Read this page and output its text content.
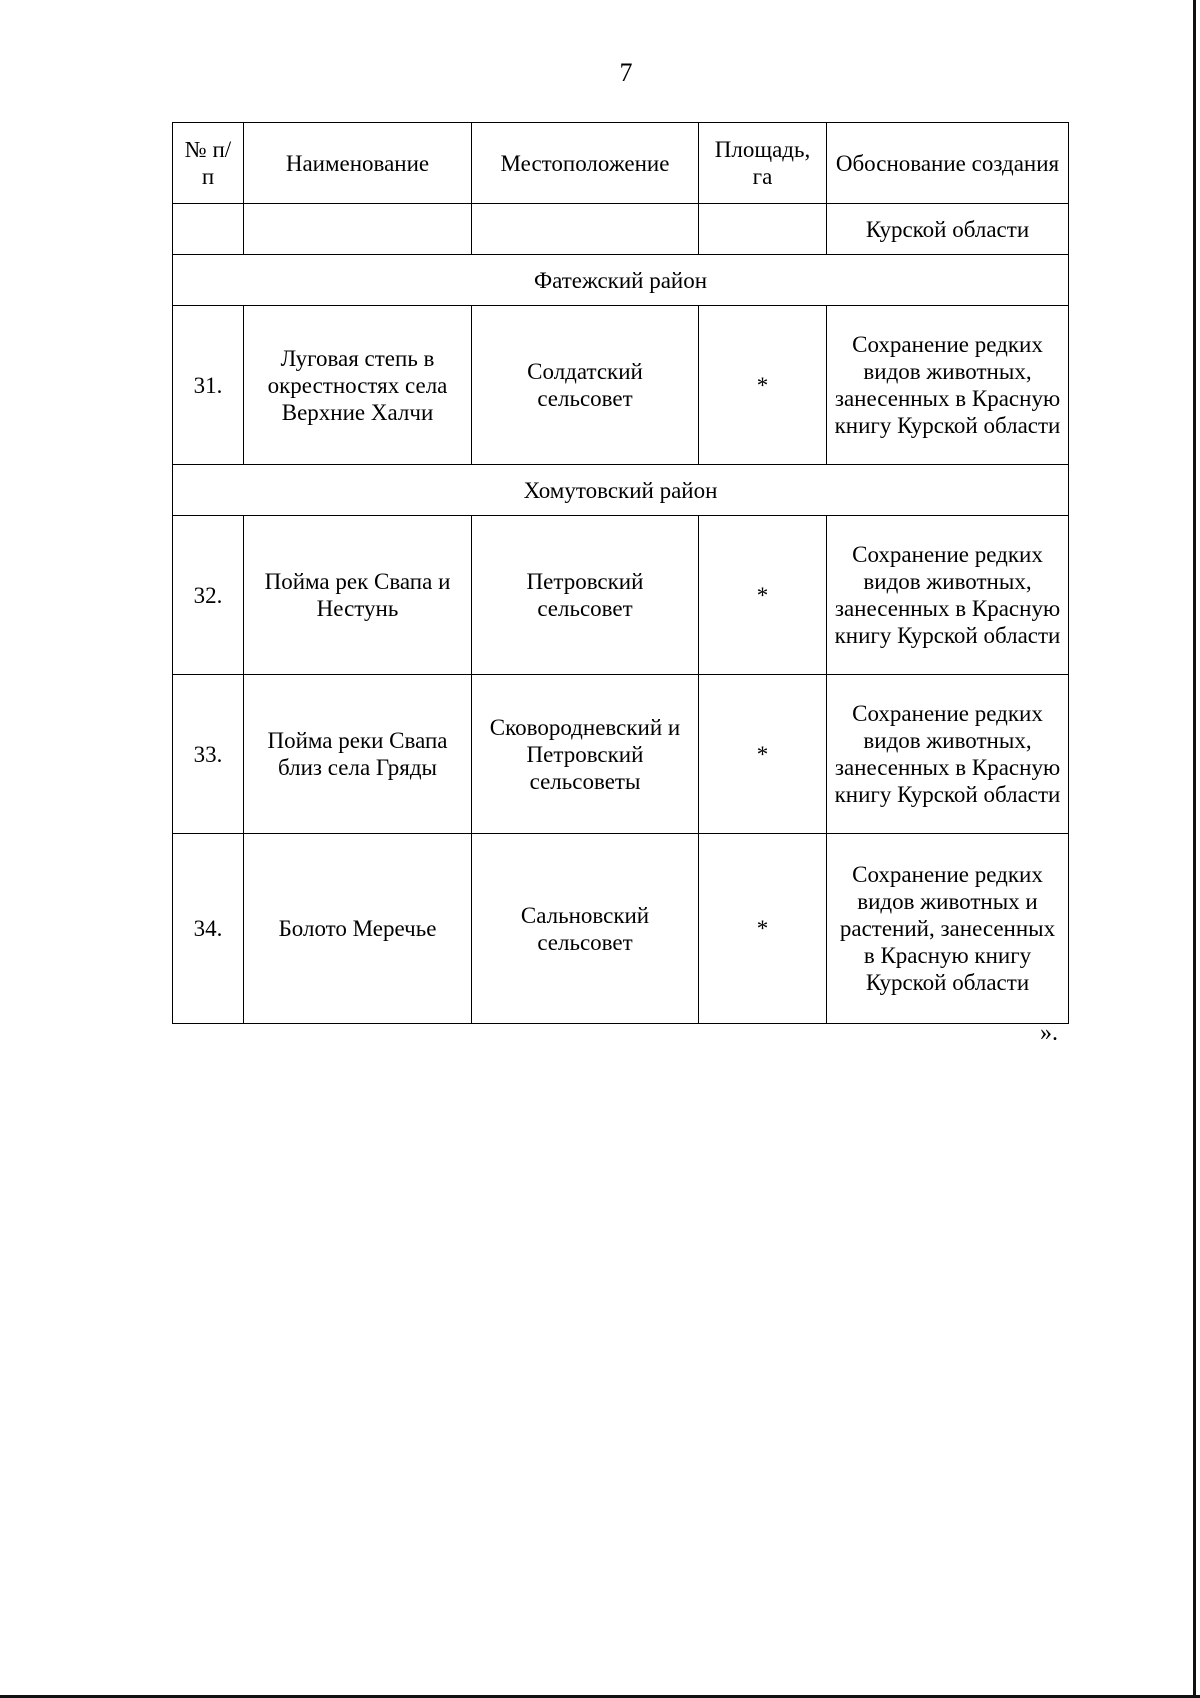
7
№ п/п	Наименование	Местоположение	Площадь, га	Обоснование создания
				Курской области
Фатежский район				
31.	Луговая степь в окрестностях села Верхние Халчи	Солдатский сельсовет	*	Сохранение редких видов животных, занесенных в Красную книгу Курской области
Хомутовский район				
32.	Пойма рек Свапа и Нестунь	Петровский сельсовет	*	Сохранение редких видов животных, занесенных в Красную книгу Курской области
33.	Пойма реки Свапа близ села Гряды	Сковородневский и Петровский сельсоветы	*	Сохранение редких видов животных, занесенных в Красную книгу Курской области
34.	Болото Меречье	Сальновский сельсовет	*	Сохранение редких видов животных и растений, занесенных в Красную книгу Курской области
».
